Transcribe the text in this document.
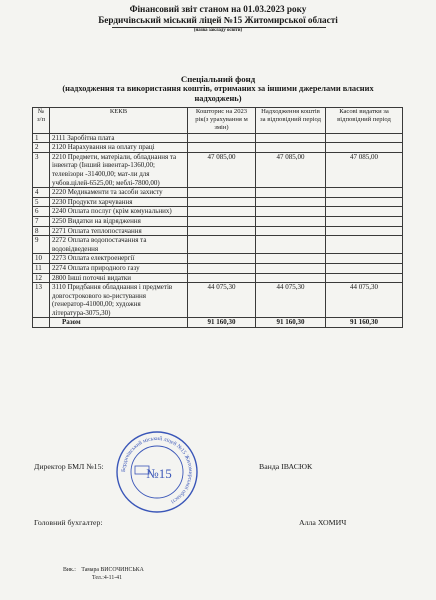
Фінансовий звіт станом на 01.03.2023 року
Бердичівський міський ліцей №15 Житомирської області
(назва закладу освіти)
Спеціальний фонд
(надходження та використання коштів, отриманих за іншими джерелами власних надходжень)
№ з/п	КЕКВ	Кошторис на 2023 рік(з урахування м змін)	Надходження коштів за відповідний період	Касові видатки за відповідний період
1	2111 Заробітна плата			
2	2120 Нарахування на оплату праці			
3	2210 Предмети, матеріали, обладнання та інвентар (Інший інвентар-1360,00; телевізори -31400,00; мат-ли для учбов.цілей-6525,00; меблі-7800,00)	47 085,00	47 085,00	47 085,00
4	2220 Медикаменти та засоби захисту			
5	2230 Продукти харчування			
6	2240 Оплата послуг (крім комунальних)			
7	2250 Видатки на відрядження			
8	2271 Оплата теплопостачання			
9	2272 Оплата водопостачання та водовідведення			
10	2273 Оплата електроенергії			
11	2274 Оплата природного газу			
12	2800 Інші поточні видатки			
13	3110 Придбання обладнання і предметів довгострокового ко-ристування (генератор-41000,00; художня література-3075,30)	44 075,30	44 075,30	44 075,30
	Разом	91 160,30	91 160,30	91 160,30
Директор БМЛ №15:	Ванда ІВАСЮК
Головний бухгалтер:	Алла ХОМИЧ
Бердичівський міський ліцей №15 Житомирської області
№15
Вик.: Тамара ВИСОЧИНСЬКА
Тел.:4-11-41
